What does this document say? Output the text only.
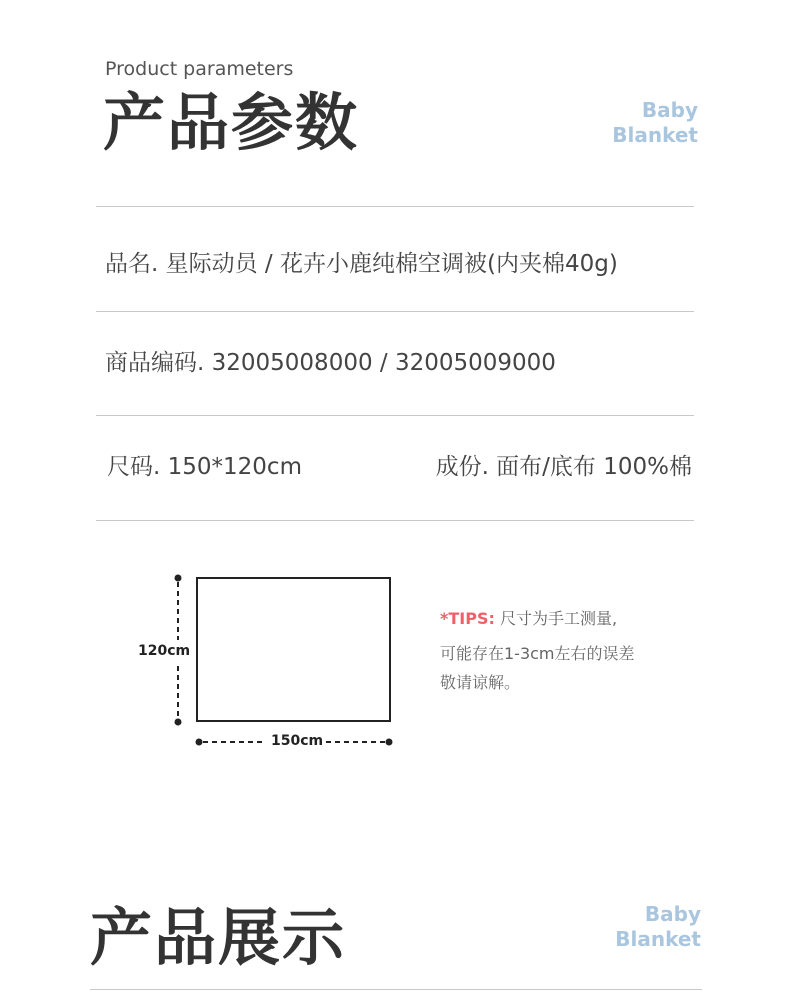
Product parameters
产品参数	Baby
Blanket
品名. 星际动员 / 花卉小鹿纯棉空调被(内夹棉40g)
商品编码. 32005008000 / 32005009000
尺码. 150*120cm	成份. 面布/底布 100%棉
120cm
150cm
*TIPS: 尺寸为手工测量,
可能存在1-3cm左右的误差
敬请谅解。
产品展示	Baby
Blanket
